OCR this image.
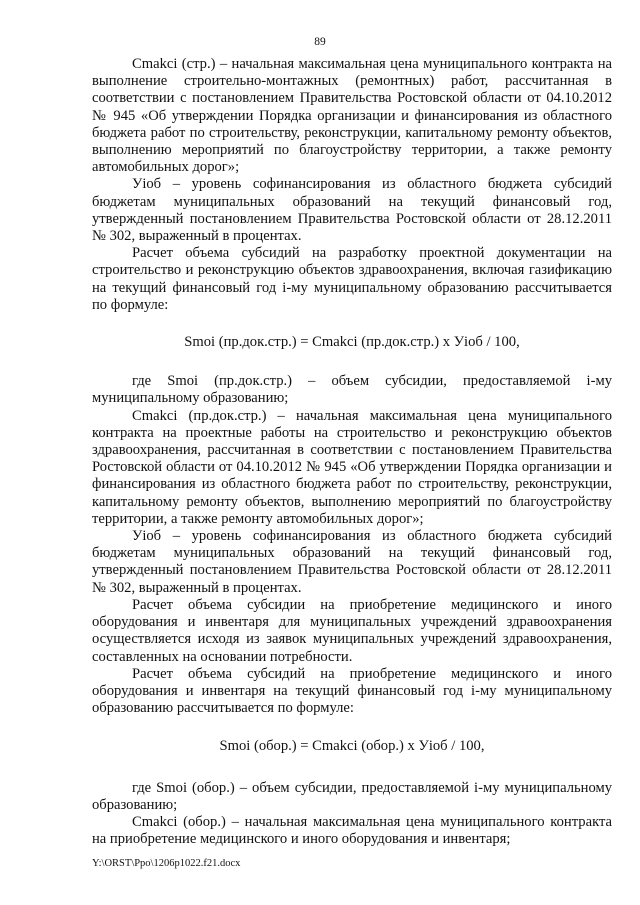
89

Cmakci (стр.) – начальная максимальная цена муниципального контракта на выполнение строительно-монтажных (ремонтных) работ, рассчитанная в соответствии с постановлением Правительства Ростовской области от 04.10.2012 № 945 «Об утверждении Порядка организации и финансирования из областного бюджета работ по строительству, реконструкции, капитальному ремонту объектов, выполнению мероприятий по благоустройству территории, а также ремонту автомобильных дорог»;

Уioб – уровень софинансирования из областного бюджета субсидий бюджетам муниципальных образований на текущий финансовый год, утвержденный постановлением Правительства Ростовской области от 28.12.2011 № 302, выраженный в процентах.

Расчет объема субсидий на разработку проектной документации на строительство и реконструкцию объектов здравоохранения, включая газификацию на текущий финансовый год i-му муниципальному образованию рассчитывается по формуле:

Smoi (пр.док.стр.) = Cmakci (пр.док.стр.) x Уioб / 100,

где Smoi (пр.док.стр.) – объем субсидии, предоставляемой i-му муниципальному образованию;

Cmakci (пр.док.стр.) – начальная максимальная цена муниципального контракта на проектные работы на строительство и реконструкцию объектов здравоохранения, рассчитанная в соответствии с постановлением Правительства Ростовской области от 04.10.2012 № 945 «Об утверждении Порядка организации и финансирования из областного бюджета работ по строительству, реконструкции, капитальному ремонту объектов, выполнению мероприятий по благоустройству территории, а также ремонту автомобильных дорог»;

Уioб – уровень софинансирования из областного бюджета субсидий бюджетам муниципальных образований на текущий финансовый год, утвержденный постановлением Правительства Ростовской области от 28.12.2011 № 302, выраженный в процентах.

Расчет объема субсидии на приобретение медицинского и иного оборудования и инвентаря для муниципальных учреждений здравоохранения осуществляется исходя из заявок муниципальных учреждений здравоохранения, составленных на основании потребности.

Расчет объема субсидий на приобретение медицинского и иного оборудования и инвентаря на текущий финансовый год i-му муниципальному образованию рассчитывается по формуле:

Smoi (обор.) = Cmakci (обор.) x Уioб / 100,

где Smoi (обор.) – объем субсидии, предоставляемой i-му муниципальному образованию;

Cmakci (обор.) – начальная максимальная цена муниципального контракта на приобретение медицинского и иного оборудования и инвентаря;

Y:\ORST\Ppo\1206p1022.f21.docx
